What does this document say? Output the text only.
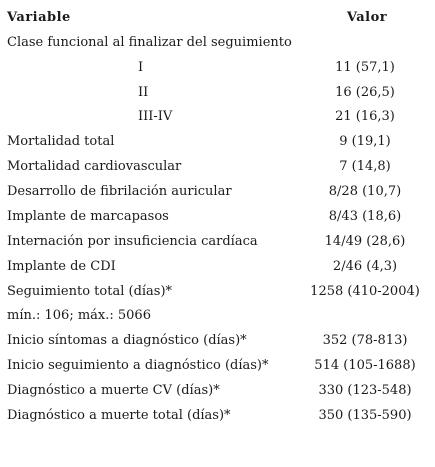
Variable	Valor
Clase funcional al finalizar del seguimiento
I	11 (57,1)
II	16 (26,5)
III-IV	21 (16,3)
Mortalidad total	9 (19,1)
Mortalidad cardiovascular	7 (14,8)
Desarrollo de fibrilación auricular	8/28 (10,7)
Implante de marcapasos	8/43 (18,6)
Internación por insuficiencia cardíaca	14/49 (28,6)
Implante de CDI	2/46 (4,3)
Seguimiento total (días)*	1258 (410-2004)
mín.: 106; máx.: 5066
Inicio síntomas a diagnóstico (días)*	352 (78-813)
Inicio seguimiento a diagnóstico (días)*	514 (105-1688)
Diagnóstico a muerte CV (días)*	330 (123-548)
Diagnóstico a muerte total (días)*	350 (135-590)
